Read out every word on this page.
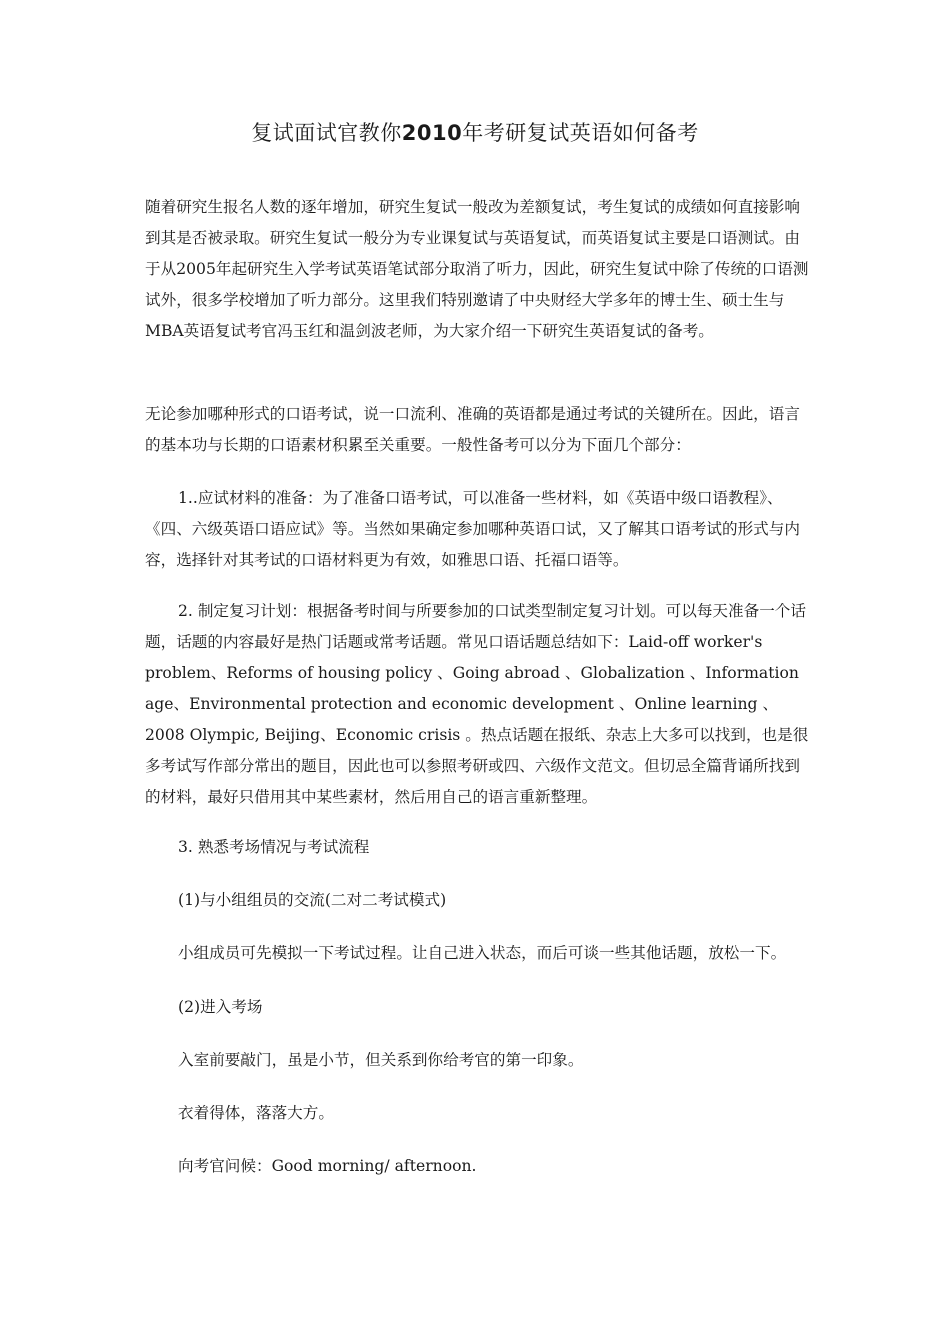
复试面试官教你2010年考研复试英语如何备考

随着研究生报名人数的逐年增加，研究生复试一般改为差额复试，考生复试的成绩如何直接影响到其是否被录取。研究生复试一般分为专业课复试与英语复试，而英语复试主要是口语测试。由于从2005年起研究生入学考试英语笔试部分取消了听力，因此，研究生复试中除了传统的口语测试外，很多学校增加了听力部分。这里我们特别邀请了中央财经大学多年的博士生、硕士生与MBA英语复试考官冯玉红和温剑波老师，为大家介绍一下研究生英语复试的备考。

无论参加哪种形式的口语考试，说一口流利、准确的英语都是通过考试的关键所在。因此，语言的基本功与长期的口语素材积累至关重要。一般性备考可以分为下面几个部分：

1..应试材料的准备：为了准备口语考试，可以准备一些材料，如《英语中级口语教程》、《四、六级英语口语应试》等。当然如果确定参加哪种英语口试，又了解其口语考试的形式与内容，选择针对其考试的口语材料更为有效，如雅思口语、托福口语等。

2. 制定复习计划：根据备考时间与所要参加的口试类型制定复习计划。可以每天准备一个话题，话题的内容最好是热门话题或常考话题。常见口语话题总结如下：Laid-off worker's problem、Reforms of housing policy 、Going abroad 、Globalization 、Information age、Environmental protection and economic development 、Online learning 、2008 Olympic, Beijing、Economic crisis 。热点话题在报纸、杂志上大多可以找到，也是很多考试写作部分常出的题目，因此也可以参照考研或四、六级作文范文。但切忌全篇背诵所找到的材料，最好只借用其中某些素材，然后用自己的语言重新整理。

3. 熟悉考场情况与考试流程
(1)与小组组员的交流(二对二考试模式)
小组成员可先模拟一下考试过程。让自己进入状态，而后可谈一些其他话题，放松一下。
(2)进入考场
入室前要敲门，虽是小节，但关系到你给考官的第一印象。
衣着得体，落落大方。
向考官问候：Good morning/ afternoon.
